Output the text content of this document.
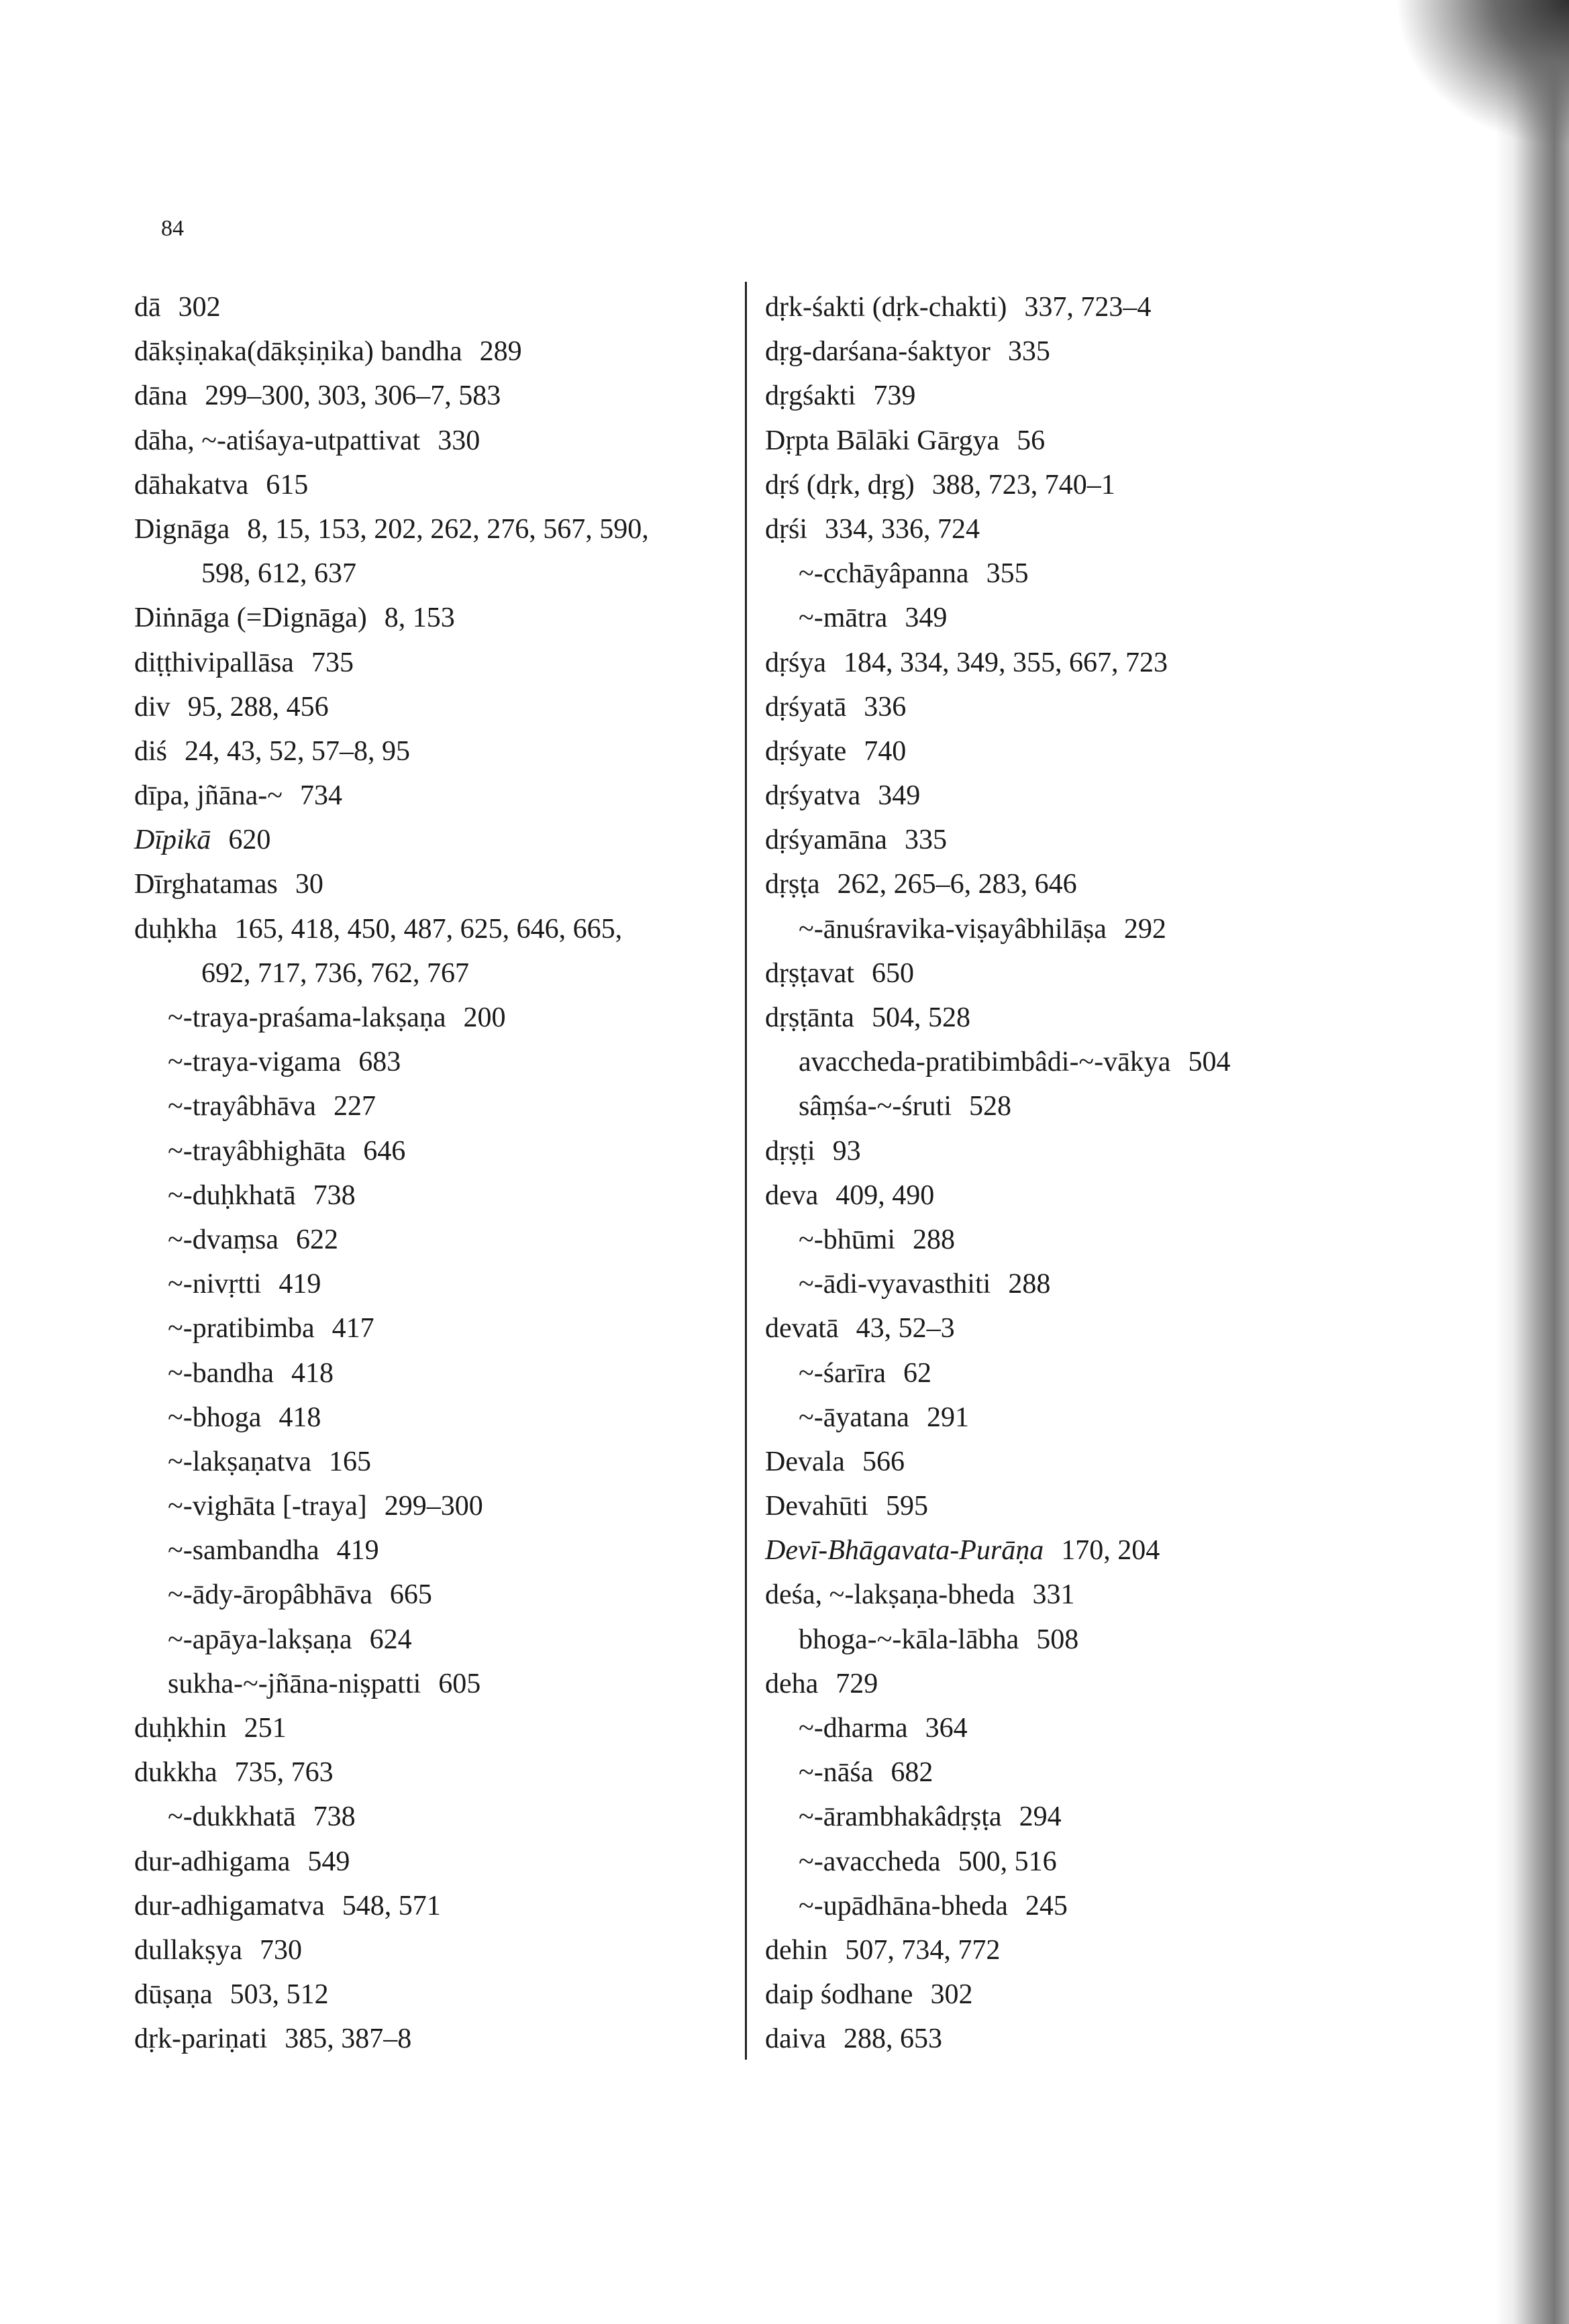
84
dā 302
dākṣiṇaka(dākṣiṇika) bandha 289
dāna 299–300, 303, 306–7, 583
dāha, ~-atiśaya-utpattivat 330
dāhakatva 615
Dignāga 8, 15, 153, 202, 262, 276, 567, 590,
598, 612, 637
Diṅnāga (=Dignāga) 8, 153
diṭṭhivipallāsa 735
div 95, 288, 456
diś 24, 43, 52, 57–8, 95
dīpa, jñāna-~ 734
Dīpikā 620
Dīrghatamas 30
duḥkha 165, 418, 450, 487, 625, 646, 665,
692, 717, 736, 762, 767
~-traya-praśama-lakṣaṇa 200
~-traya-vigama 683
~-trayâbhāva 227
~-trayâbhighāta 646
~-duḥkhatā 738
~-dvaṃsa 622
~-nivṛtti 419
~-pratibimba 417
~-bandha 418
~-bhoga 418
~-lakṣaṇatva 165
~-vighāta [-traya] 299–300
~-sambandha 419
~-ādy-āropâbhāva 665
~-apāya-lakṣaṇa 624
sukha-~-jñāna-niṣpatti 605
duḥkhin 251
dukkha 735, 763
~-dukkhatā 738
dur-adhigama 549
dur-adhigamatva 548, 571
dullakṣya 730
dūṣaṇa 503, 512
dṛk-pariṇati 385, 387–8
dṛk-śakti (dṛk-chakti) 337, 723–4
dṛg-darśana-śaktyor 335
dṛgśakti 739
Dṛpta Bālāki Gārgya 56
dṛś (dṛk, dṛg) 388, 723, 740–1
dṛśi 334, 336, 724
~-cchāyâpanna 355
~-mātra 349
dṛśya 184, 334, 349, 355, 667, 723
dṛśyatā 336
dṛśyate 740
dṛśyatva 349
dṛśyamāna 335
dṛṣṭa 262, 265–6, 283, 646
~-ānuśravika-viṣayâbhilāṣa 292
dṛṣṭavat 650
dṛṣṭānta 504, 528
avaccheda-pratibimbâdi-~-vākya 504
sâṃśa-~-śruti 528
dṛṣṭi 93
deva 409, 490
~-bhūmi 288
~-ādi-vyavasthiti 288
devatā 43, 52–3
~-śarīra 62
~-āyatana 291
Devala 566
Devahūti 595
Devī-Bhāgavata-Purāṇa 170, 204
deśa, ~-lakṣaṇa-bheda 331
bhoga-~-kāla-lābha 508
deha 729
~-dharma 364
~-nāśa 682
~-ārambhakâdṛṣṭa 294
~-avaccheda 500, 516
~-upādhāna-bheda 245
dehin 507, 734, 772
daip śodhane 302
daiva 288, 653
